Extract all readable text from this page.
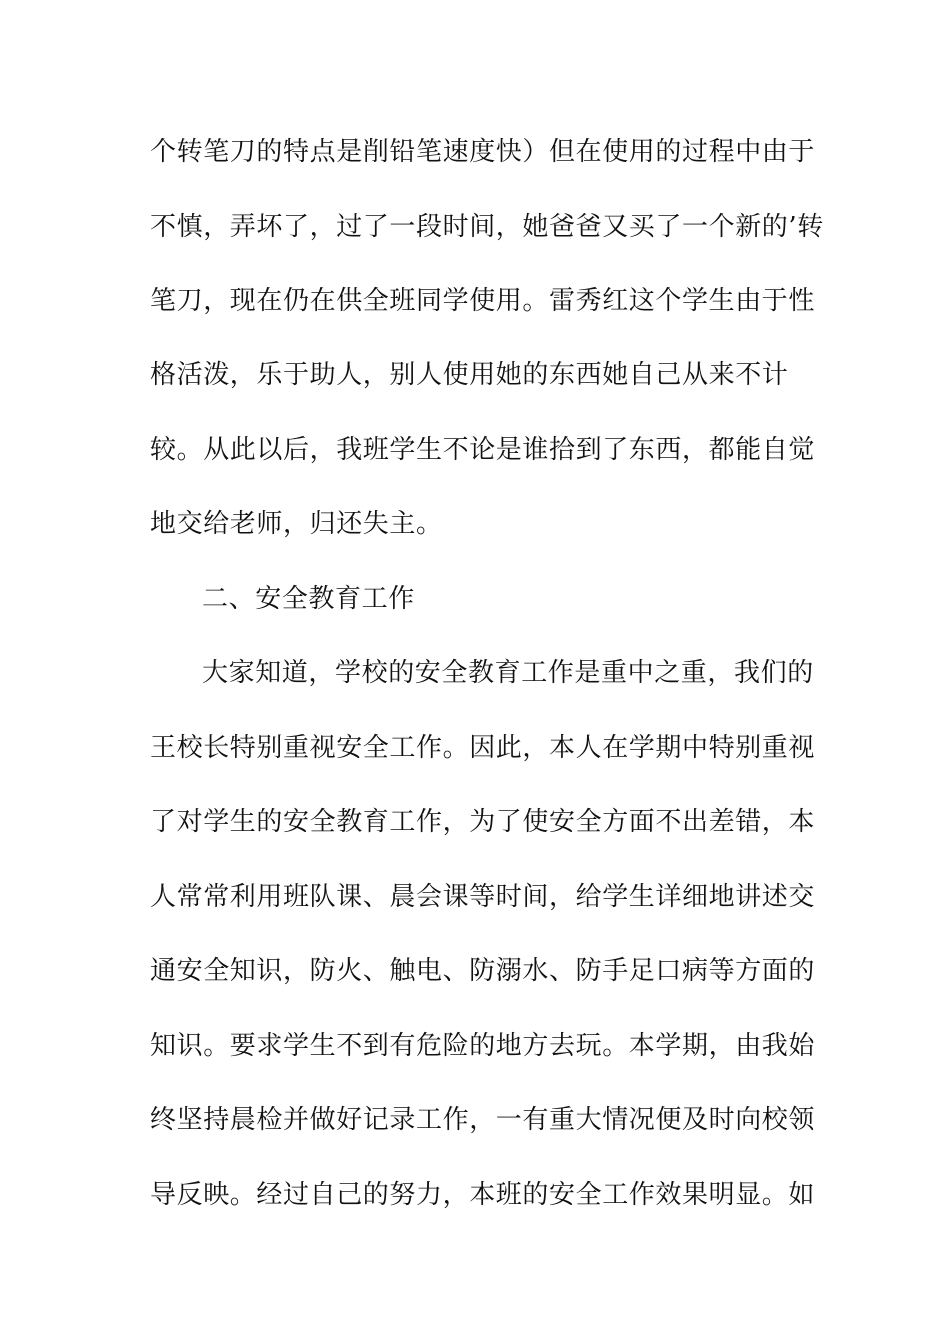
个转笔刀的特点是削铅笔速度快）但在使用的过程中由于
不慎，弄坏了，过了一段时间，她爸爸又买了一个新的’转
笔刀，现在仍在供全班同学使用。雷秀红这个学生由于性
格活泼，乐于助人，别人使用她的东西她自己从来不计
较。从此以后，我班学生不论是谁拾到了东西，都能自觉
地交给老师，归还失主。
二、安全教育工作
大家知道，学校的安全教育工作是重中之重，我们的
王校长特别重视安全工作。因此，本人在学期中特别重视
了对学生的安全教育工作，为了使安全方面不出差错，本
人常常利用班队课、晨会课等时间，给学生详细地讲述交
通安全知识，防火、触电、防溺水、防手足口病等方面的
知识。要求学生不到有危险的地方去玩。本学期，由我始
终坚持晨检并做好记录工作，一有重大情况便及时向校领
导反映。经过自己的努力，本班的安全工作效果明显。如
